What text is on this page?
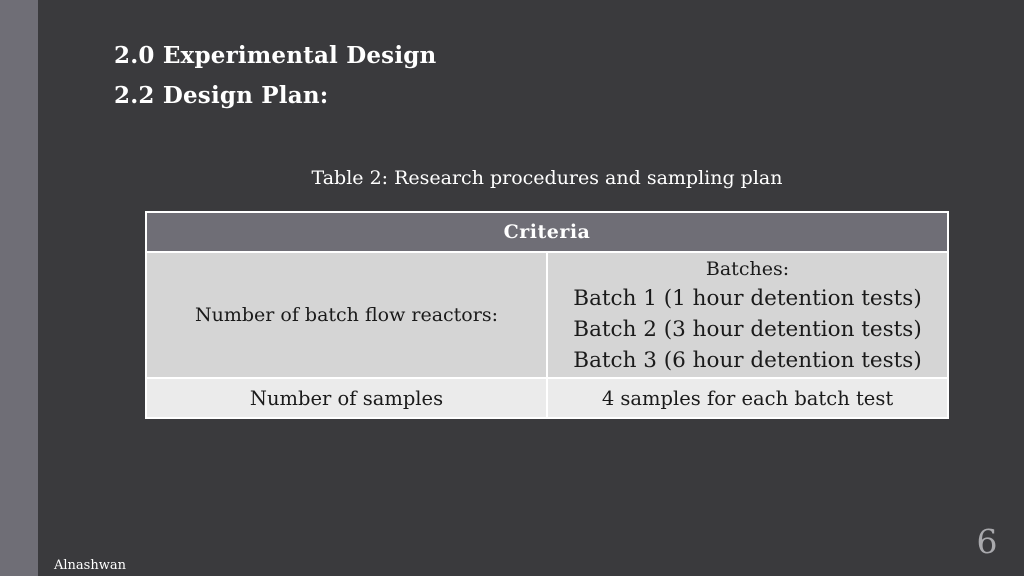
2.0 Experimental Design
2.2 Design Plan:
Table 2: Research procedures and sampling plan
Criteria	
Number of batch flow reactors:	Batches:
Batch 1 (1 hour detention tests)
Batch 2 (3 hour detention tests)
Batch 3 (6 hour detention tests)

Number of samples	4 samples for each batch test
Alnashwan
6
